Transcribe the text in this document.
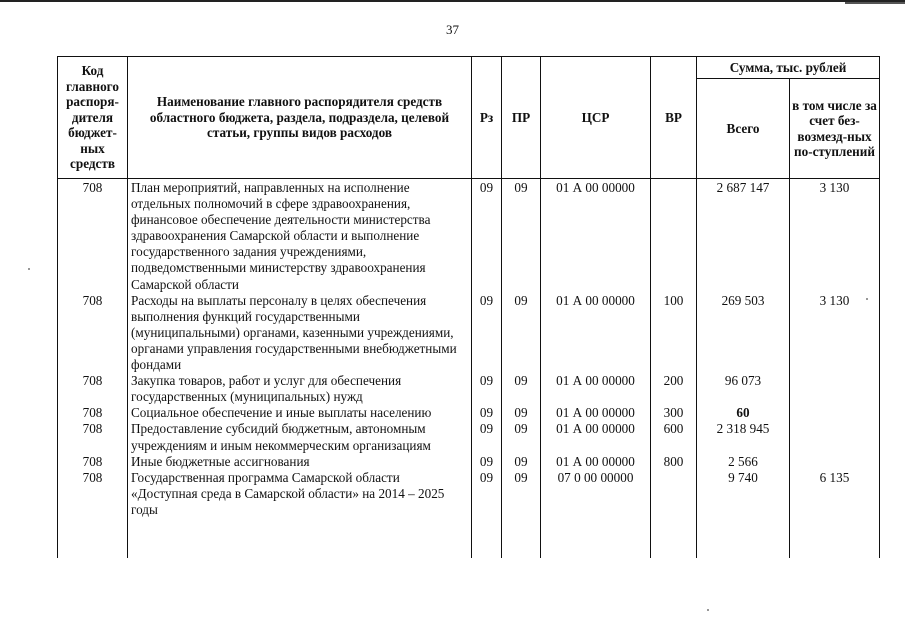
37
Код главного распоря-дителя бюджет-ных средств	Наименование главного распорядителя средств областного бюджета, раздела, подраздела, целевой статьи, группы видов расходов	Рз	ПР	ЦСР	ВР	Сумма, тыс. рублей	
						Всего	в том числе за счет без-возмезд-ных по-ступлений
708	План мероприятий, направленных на исполнение отдельных полномочий в сфере здравоохранения, финансовое обеспечение деятельности министерства здравоохранения Самарской области и выполнение государственного задания учреждениями, подведомственными министерству здравоохранения Самарской области	09	09	01 А 00 00000		2 687 147	3 130
708	Расходы на выплаты персоналу в целях обеспечения выполнения функций государственными (муниципальными) органами, казенными учреждениями, органами управления государственными внебюджетными фондами	09	09	01 А 00 00000	100	269 503	3 130
708	Закупка товаров, работ и услуг для обеспечения государственных (муниципальных) нужд	09	09	01 А 00 00000	200	96 073	
708	Социальное обеспечение и иные выплаты населению	09	09	01 А 00 00000	300	60	
708	Предоставление субсидий бюджетным, автономным учреждениям и иным некоммерческим организациям	09	09	01 А 00 00000	600	2 318 945	
708	Иные бюджетные ассигнования	09	09	01 А 00 00000	800	2 566	
708	Государственная программа Самарской области «Доступная среда в Самарской области» на 2014 – 2025 годы	09	09	07 0 00 00000		9 740	6 135
